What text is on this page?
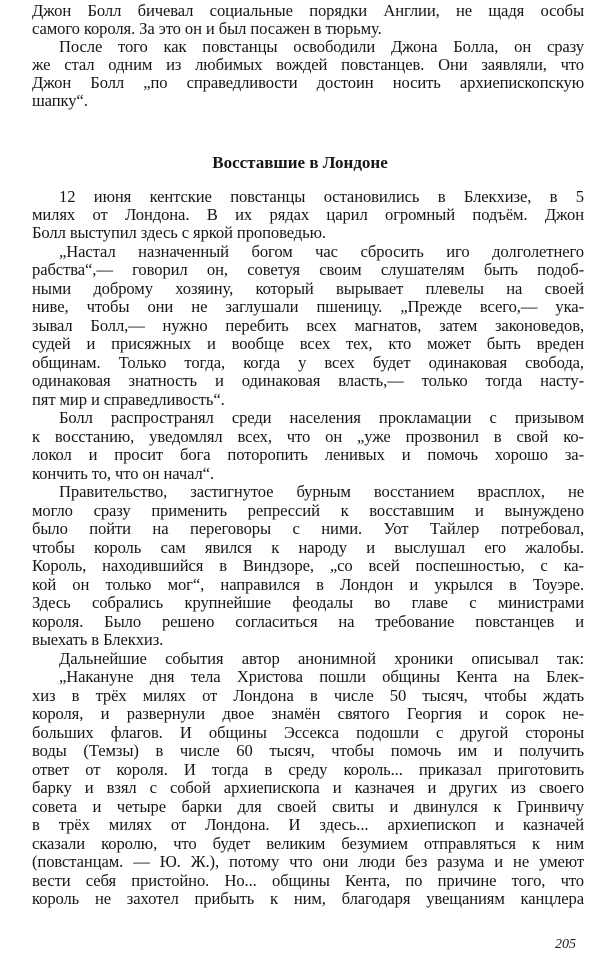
Джон Болл бичевал социальные порядки Англии, не щадя особы
самого короля. За это он и был посажен в тюрьму.
После того как повстанцы освободили Джона Болла, он сразу
же стал одним из любимых вождей повстанцев. Они заявляли, что
Джон Болл „по справедливости достоин носить архиепископскую
шапку“.
Восставшие в Лондоне
12 июня кентские повстанцы остановились в Блекхизе, в 5
милях от Лондона. В их рядах царил огромный подъём. Джон
Болл выступил здесь с яркой проповедью.
„Настал назначенный богом час сбросить иго долголетнего
рабства“,— говорил он, советуя своим слушателям быть подоб-
ными доброму хозяину, который вырывает плевелы на своей
ниве, чтобы они не заглушали пшеницу. „Прежде всего,— ука-
зывал Болл,— нужно перебить всех магнатов, затем законоведов,
судей и присяжных и вообще всех тех, кто может быть вреден
общинам. Только тогда, когда у всех будет одинаковая свобода,
одинаковая знатность и одинаковая власть,— только тогда насту-
пят мир и справедливость“.
Болл распространял среди населения прокламации с призывом
к восстанию, уведомлял всех, что он „уже прозвонил в свой ко-
локол и просит бога поторопить ленивых и помочь хорошо за-
кончить то, что он начал“.
Правительство, застигнутое бурным восстанием врасплох, не
могло сразу применить репрессий к восставшим и вынуждено
было пойти на переговоры с ними. Уот Тайлер потребовал,
чтобы король сам явился к народу и выслушал его жалобы.
Король, находившийся в Виндзоре, „со всей поспешностью, с ка-
кой он только мог“, направился в Лондон и укрылся в Тоуэре.
Здесь собрались крупнейшие феодалы во главе с министрами
короля. Было решено согласиться на требование повстанцев и
выехать в Блекхиз.
Дальнейшие события автор анонимной хроники описывал так:
„Накануне дня тела Христова пошли общины Кента на Блек-
хиз в трёх милях от Лондона в числе 50 тысяч, чтобы ждать
короля, и развернули двое знамён святого Георгия и сорок не-
больших флагов. И общины Эссекса подошли с другой стороны
воды (Темзы) в числе 60 тысяч, чтобы помочь им и получить
ответ от короля. И тогда в среду король... приказал приготовить
барку и взял с собой архиепископа и казначея и других из своего
совета и четыре барки для своей свиты и двинулся к Гринвичу
в трёх милях от Лондона. И здесь... архиепископ и казначей
сказали королю, что будет великим безумием отправляться к ним
(повстанцам. — Ю. Ж.), потому что они люди без разума и не умеют
вести себя пристойно. Но... общины Кента, по причине того, что
король не захотел прибыть к ним, благодаря увещаниям канцлера
205
